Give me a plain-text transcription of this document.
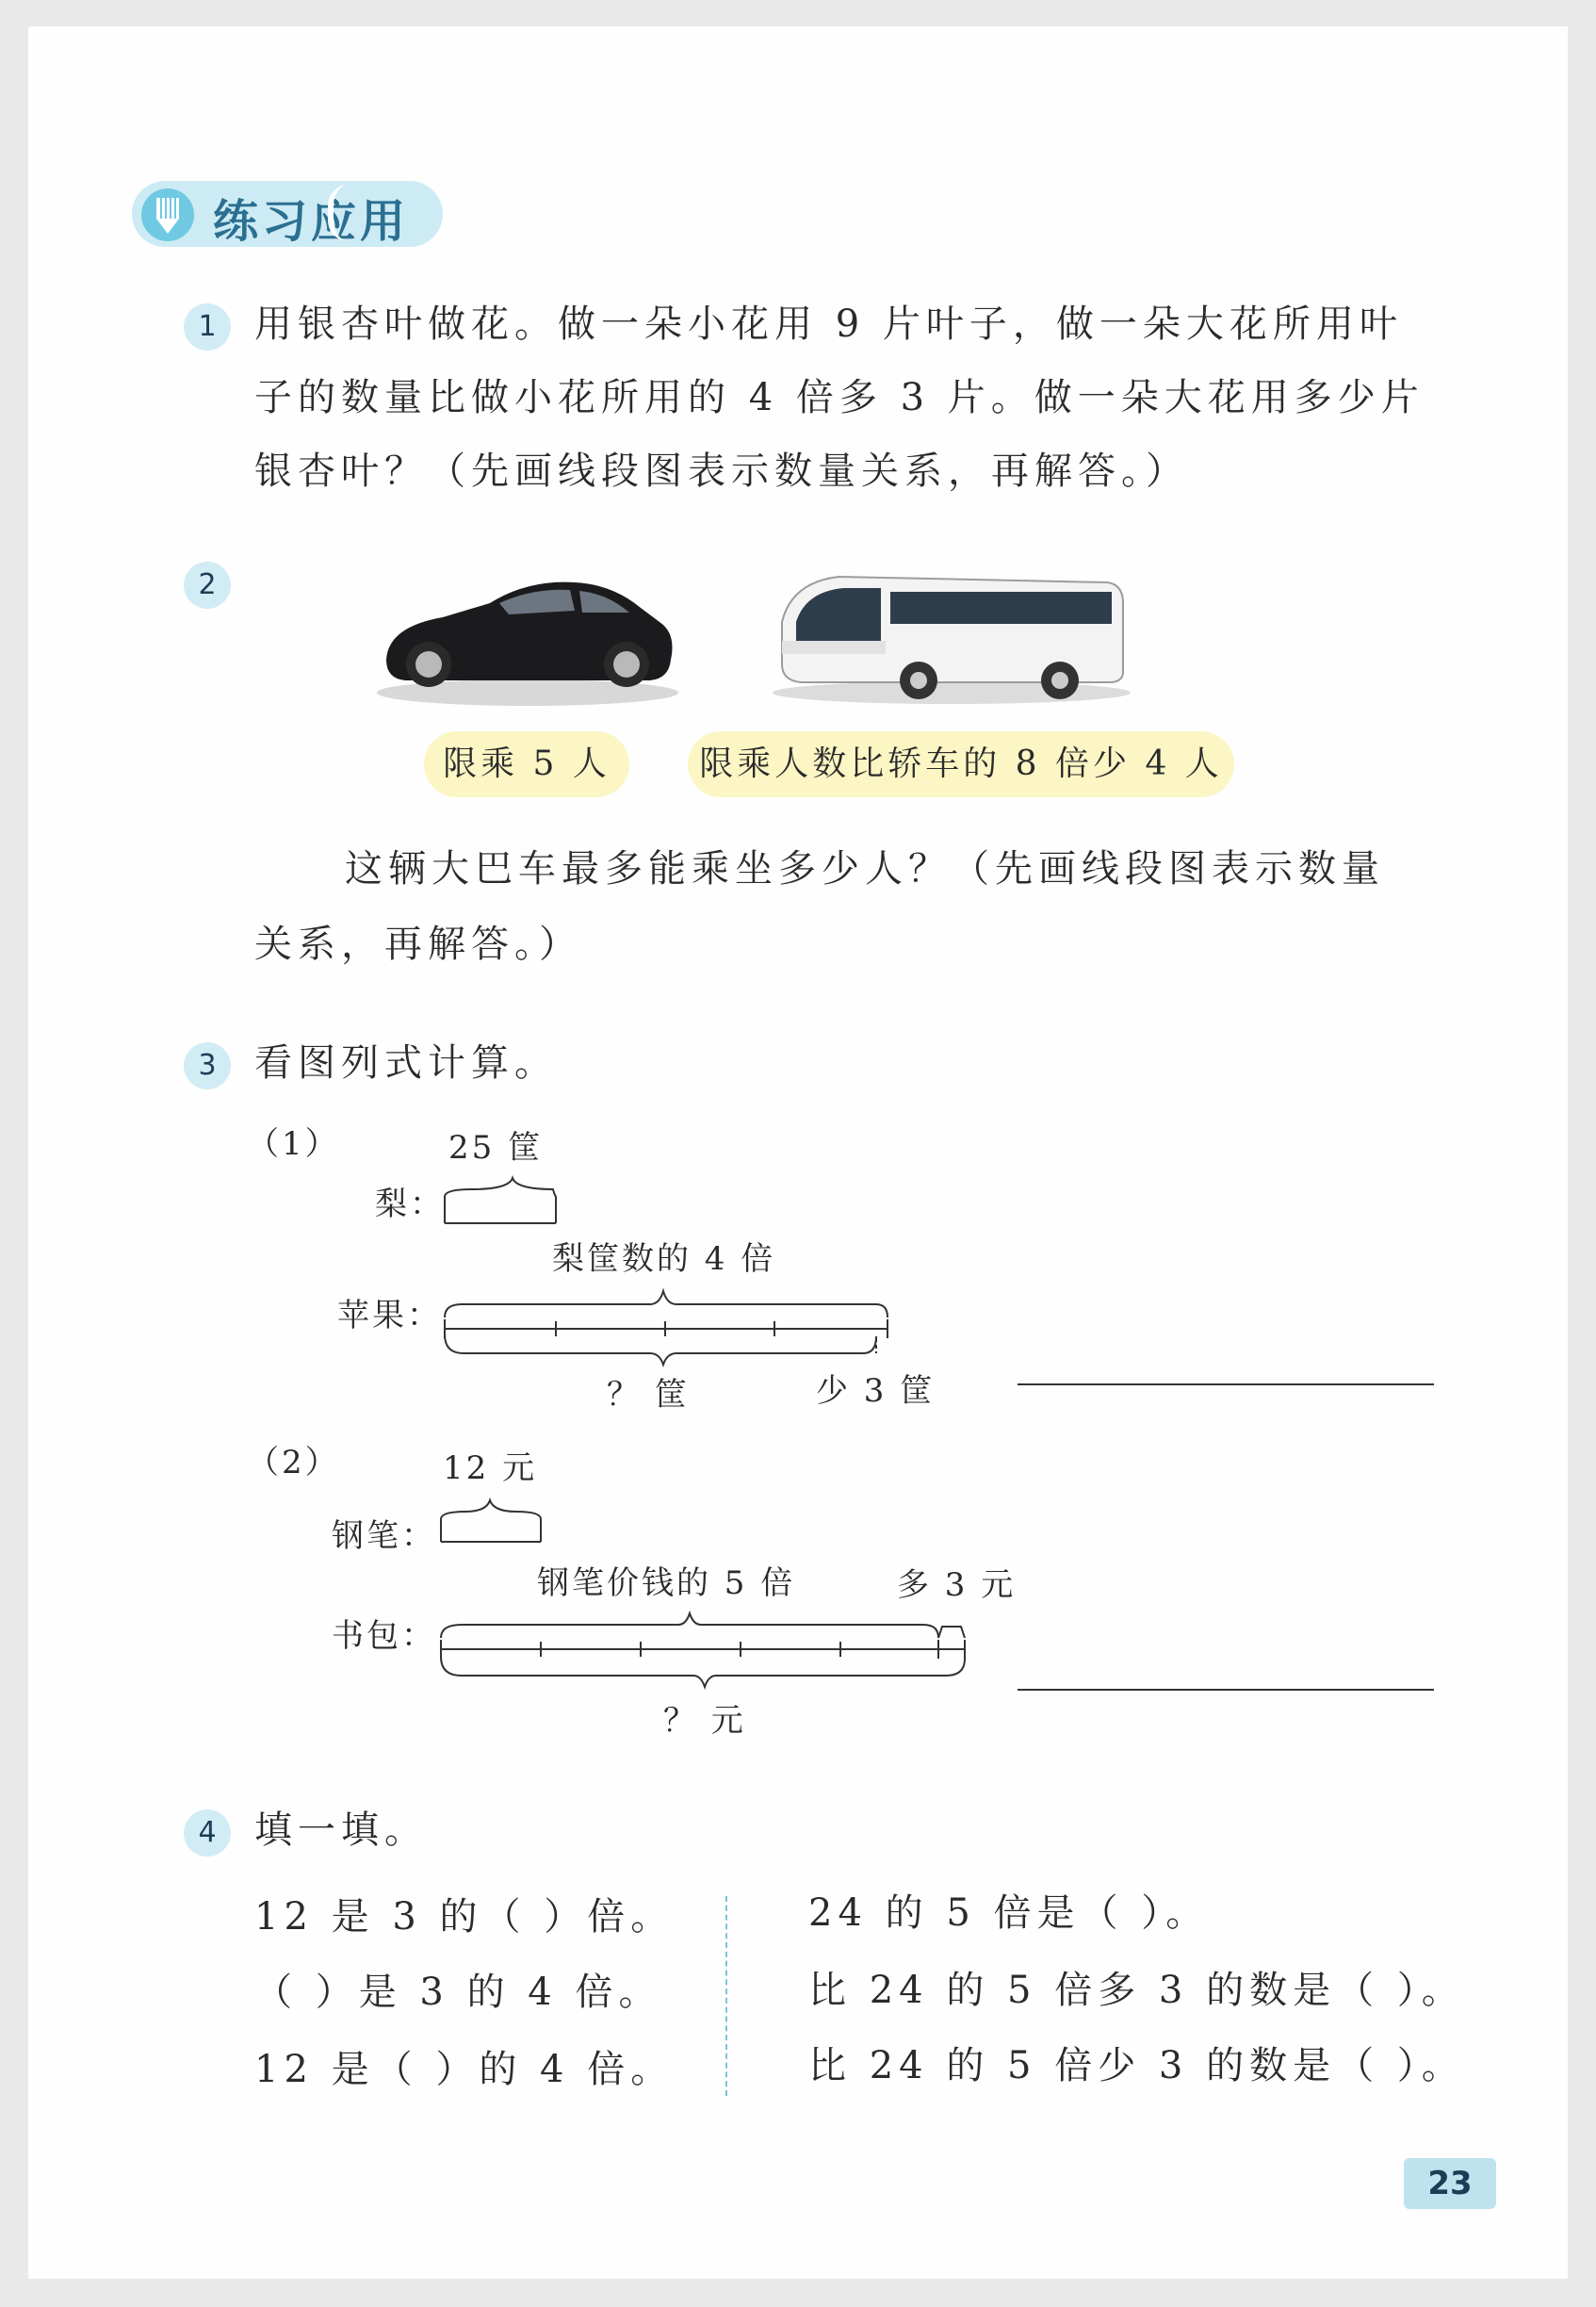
练习应用
1	用银杏叶做花。做一朵小花用 9 片叶子，做一朵大花所用叶
子的数量比做小花所用的 4 倍多 3 片。做一朵大花用多少片
银杏叶？（先画线段图表示数量关系，再解答。）
2
限乘 5 人	限乘人数比轿车的 8 倍少 4 人
这辆大巴车最多能乘坐多少人？（先画线段图表示数量
关系，再解答。）
3	看图列式计算。
（1）	25 筐
梨：
梨筐数的 4 倍
苹果：
？ 筐	少 3 筐
（2）	12 元
钢笔：
钢笔价钱的 5 倍	多 3 元
书包：
？ 元
4	填一填。
12 是 3 的（ ）倍。
（ ）是 3 的 4 倍。
12 是（ ）的 4 倍。
24 的 5 倍是（ ）。
比 24 的 5 倍多 3 的数是（ ）。
比 24 的 5 倍少 3 的数是（ ）。
23
